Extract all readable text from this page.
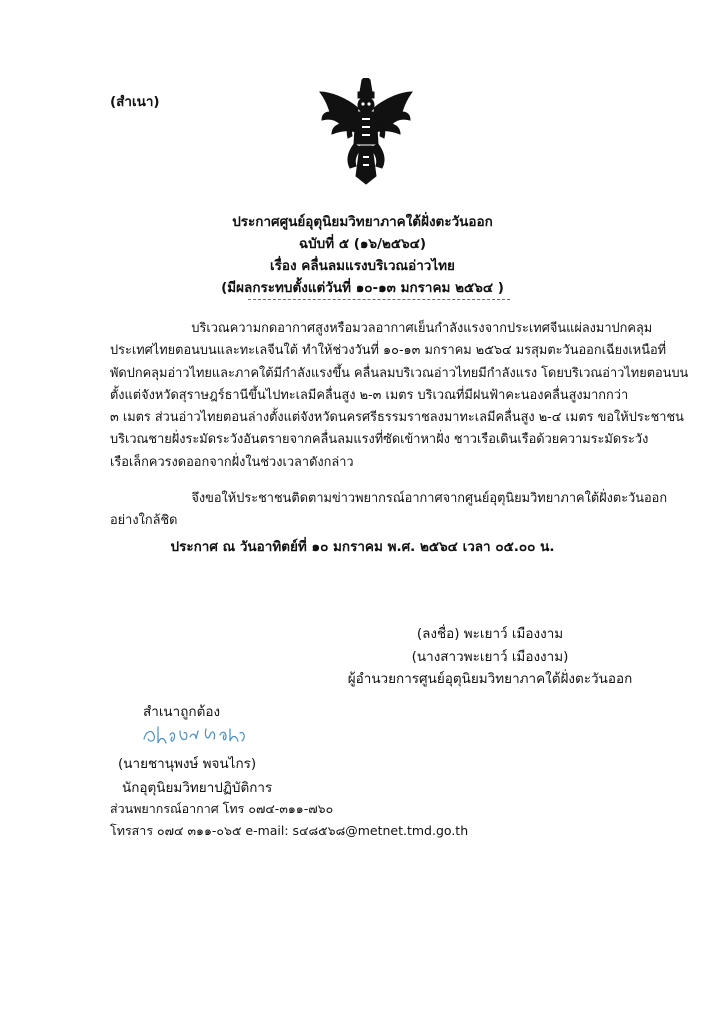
(สำเนา)
ประกาศศูนย์อุตุนิยมวิทยาภาคใต้ฝั่งตะวันออก
ฉบับที่ ๕ (๑๖/๒๕๖๔)
เรื่อง คลื่นลมแรงบริเวณอ่าวไทย
(มีผลกระทบตั้งแต่วันที่ ๑๐-๑๓ มกราคม ๒๕๖๔ )
บริเวณความกดอากาศสูงหรือมวลอากาศเย็นกำลังแรงจากประเทศจีนแผ่ลงมาปกคลุม
ประเทศไทยตอนบนและทะเลจีนใต้ ทำให้ช่วงวันที่ ๑๐-๑๓ มกราคม ๒๕๖๔ มรสุมตะวันออกเฉียงเหนือที่
พัดปกคลุมอ่าวไทยและภาคใต้มีกำลังแรงขึ้น คลื่นลมบริเวณอ่าวไทยมีกำลังแรง โดยบริเวณอ่าวไทยตอนบน
ตั้งแต่จังหวัดสุราษฎร์ธานีขึ้นไปทะเลมีคลื่นสูง ๒-๓ เมตร บริเวณที่มีฝนฟ้าคะนองคลื่นสูงมากกว่า
๓ เมตร ส่วนอ่าวไทยตอนล่างตั้งแต่จังหวัดนครศรีธรรมราชลงมาทะเลมีคลื่นสูง ๒-๔ เมตร ขอให้ประชาชน
บริเวณชายฝั่งระมัดระวังอันตรายจากคลื่นลมแรงที่ซัดเข้าหาฝั่ง ชาวเรือเดินเรือด้วยความระมัดระวัง
เรือเล็กควรงดออกจากฝั่งในช่วงเวลาดังกล่าว
จึงขอให้ประชาชนติดตามข่าวพยากรณ์อากาศจากศูนย์อุตุนิยมวิทยาภาคใต้ฝั่งตะวันออก
อย่างใกล้ชิด
ประกาศ ณ วันอาทิตย์ที่ ๑๐ มกราคม พ.ศ. ๒๕๖๔ เวลา ๐๕.๐๐ น.
(ลงชื่อ) พะเยาว์ เมืองงาม
(นางสาวพะเยาว์ เมืองงาม)
ผู้อำนวยการศูนย์อุตุนิยมวิทยาภาคใต้ฝั่งตะวันออก
สำเนาถูกต้อง
(นายชานุพงษ์ พจนไกร)
นักอุตุนิยมวิทยาปฏิบัติการ
ส่วนพยากรณ์อากาศ โทร ๐๗๔-๓๑๑-๗๖๐
โทรสาร ๐๗๔ ๓๑๑-๐๖๕ e-mail: s๔๘๕๖๘@metnet.tmd.go.th
